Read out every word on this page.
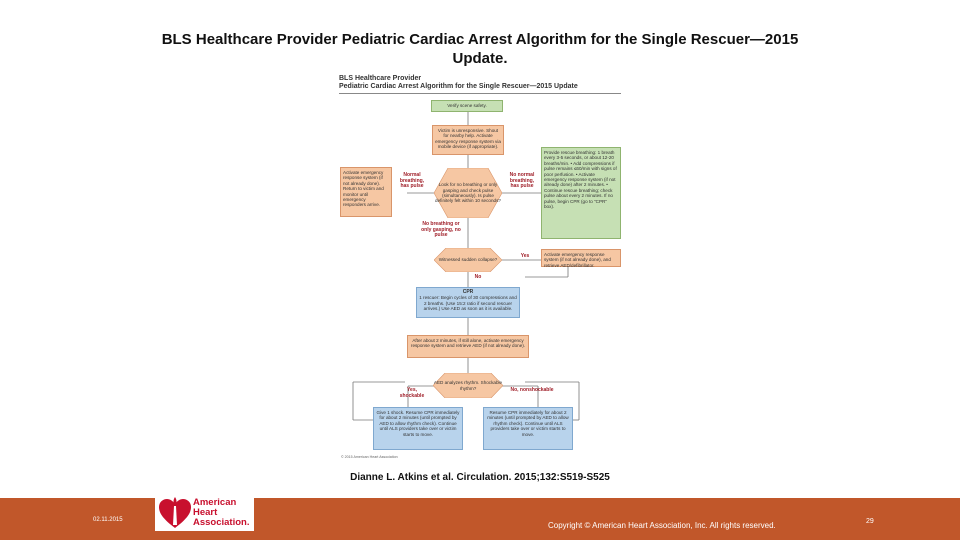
BLS Healthcare Provider Pediatric Cardiac Arrest Algorithm for the Single Rescuer—2015 Update.
BLS Healthcare Provider
Pediatric Cardiac Arrest Algorithm for the Single Rescuer—2015 Update
Verify scene safety.
Victim is unresponsive. Shout for nearby help. Activate emergency response system via mobile device (if appropriate).
Activate emergency response system (if not already done). Return to victim and monitor until emergency responders arrive.
Look for no breathing or only gasping and check pulse (simultaneously). Is pulse definitely felt within 10 seconds?
Provide rescue breathing: 1 breath every 3-5 seconds, or about 12-20 breaths/min. • Add compressions if pulse remains ≤60/min with signs of poor perfusion. • Activate emergency response system (if not already done) after 2 minutes. • Continue rescue breathing; check pulse about every 2 minutes. If no pulse, begin CPR (go to "CPR" box).
Normal breathing, has pulse
No normal breathing, has pulse
No breathing or only gasping, no pulse
Witnessed sudden collapse?
Yes
No
Activate emergency response system (if not already done), and retrieve AED/defibrillator.
CPR
1 rescuer: Begin cycles of 30 compressions and 2 breaths. (Use 15:2 ratio if second rescuer arrives.) Use AED as soon as it is available.
After about 2 minutes, if still alone, activate emergency response system and retrieve AED (if not already done).
AED analyzes rhythm. Shockable rhythm?
Yes, shockable
No, nonshockable
Give 1 shock. Resume CPR immediately for about 2 minutes (until prompted by AED to allow rhythm check). Continue until ALS providers take over or victim starts to move.
Resume CPR immediately for about 2 minutes (until prompted by AED to allow rhythm check). Continue until ALS providers take over or victim starts to move.
© 2015 American Heart Association
Dianne L. Atkins et al. Circulation. 2015;132:S519-S525
02.11.2015
American
Heart
Association.	Copyright © American Heart Association, Inc. All rights reserved.	29
